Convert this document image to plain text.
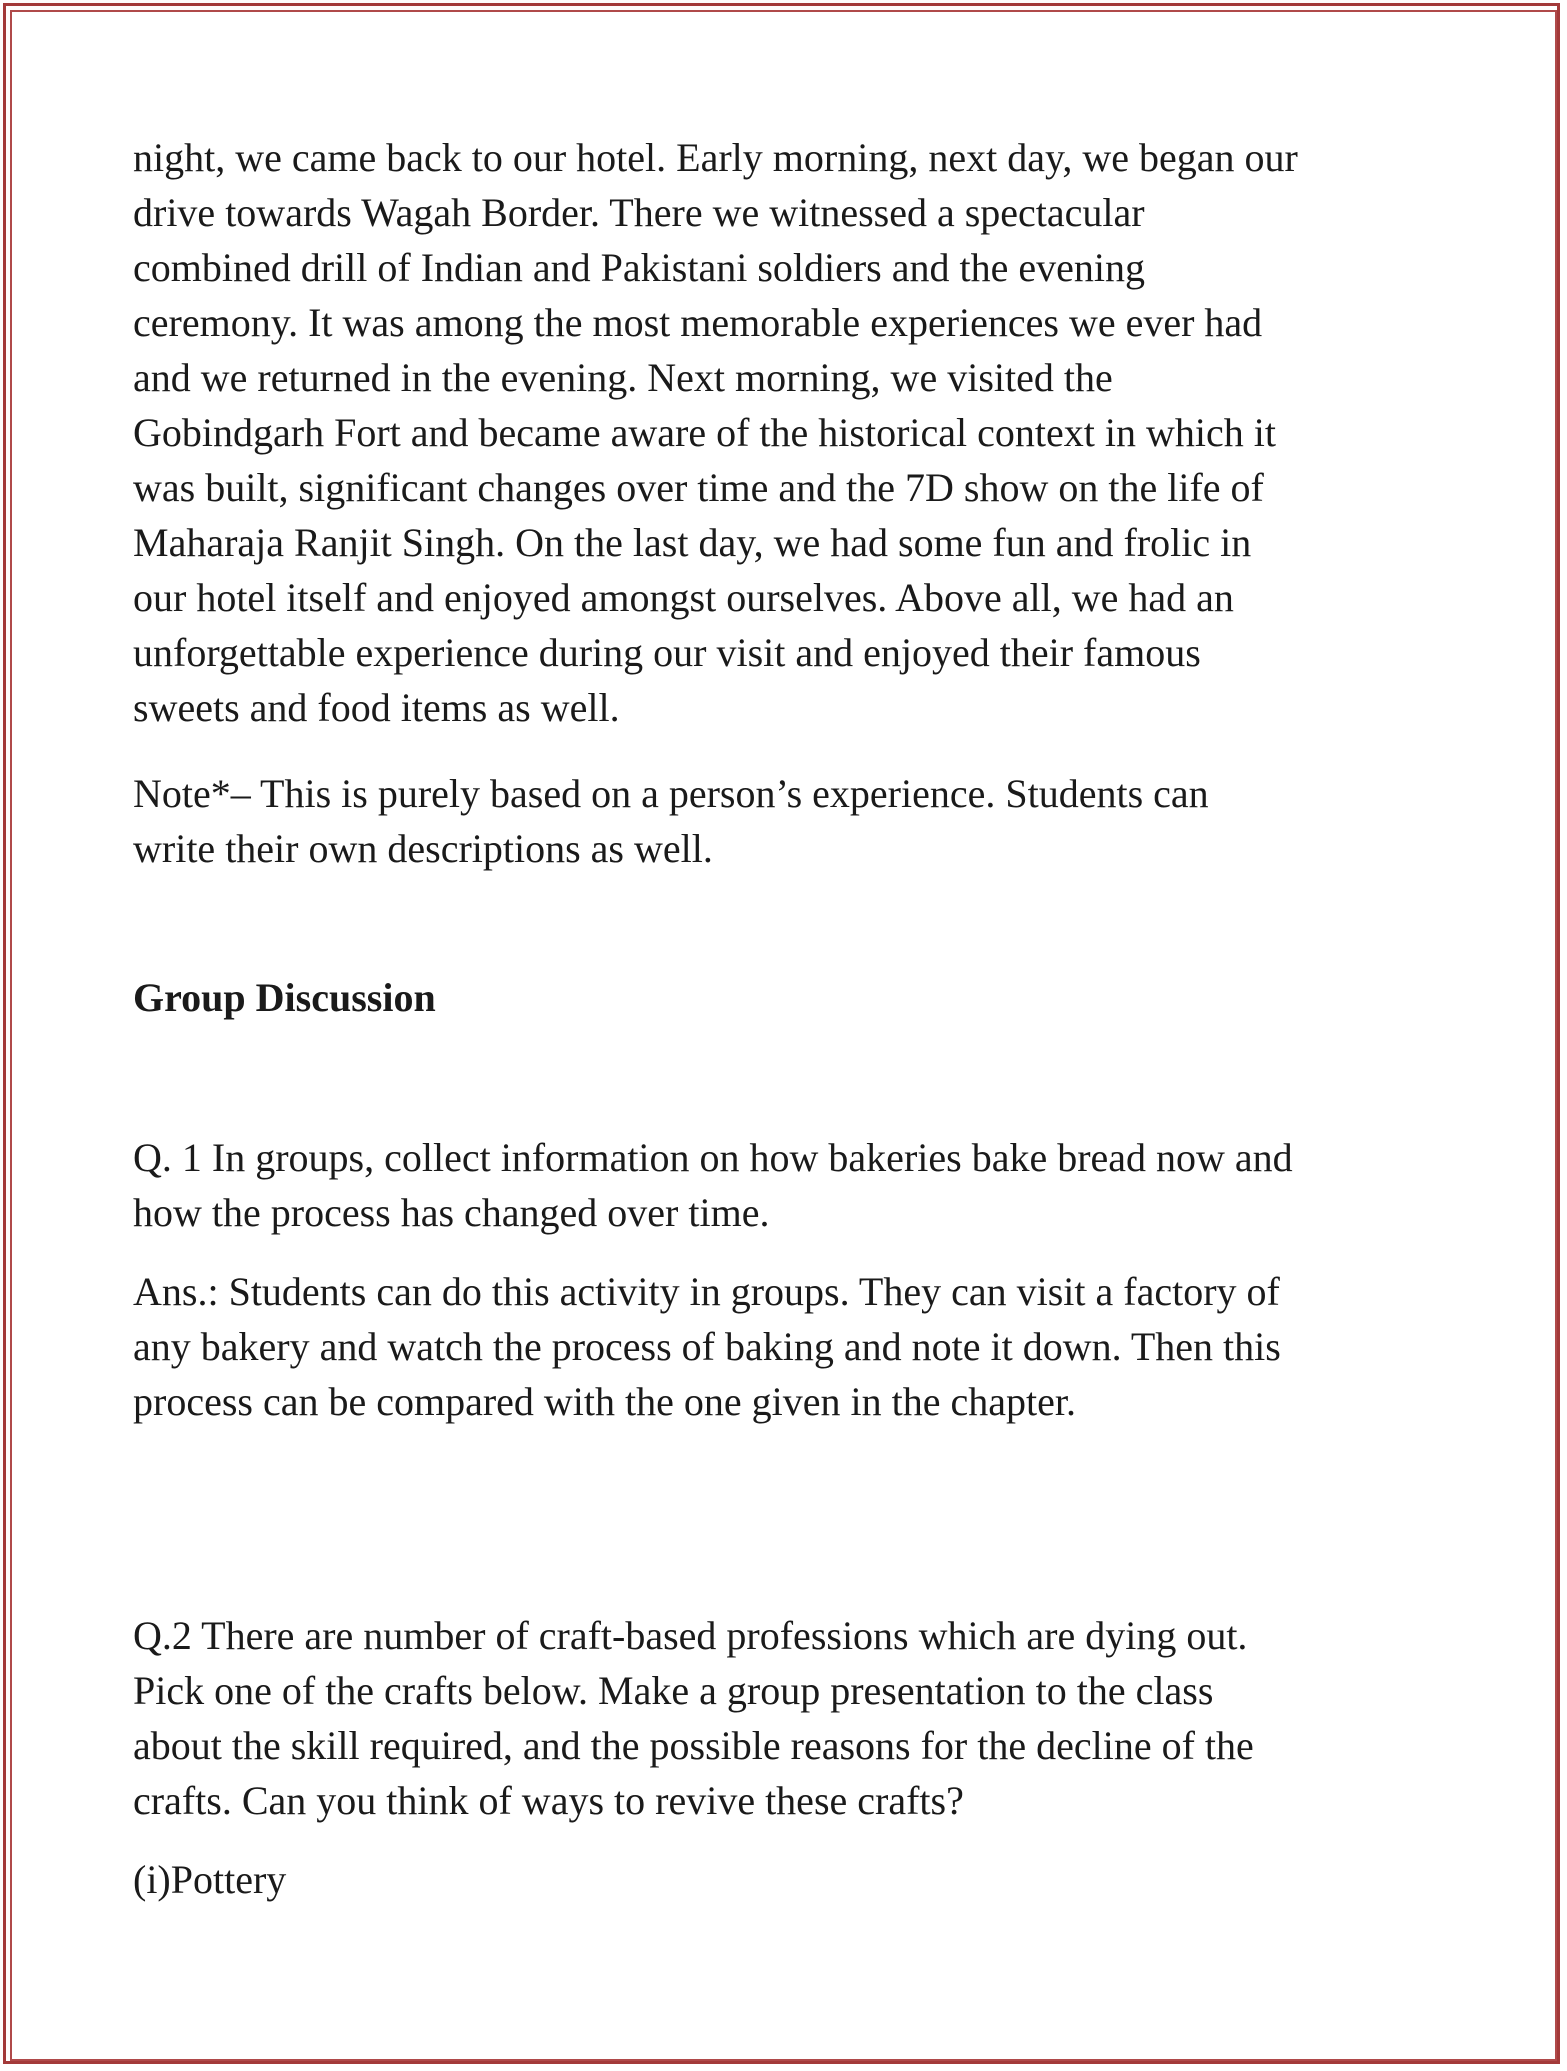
night, we came back to our hotel. Early morning, next day, we began our
drive towards Wagah Border. There we witnessed a spectacular
combined drill of Indian and Pakistani soldiers and the evening
ceremony. It was among the most memorable experiences we ever had
and we returned in the evening. Next morning, we visited the
Gobindgarh Fort and became aware of the historical context in which it
was built, significant changes over time and the 7D show on the life of
Maharaja Ranjit Singh. On the last day, we had some fun and frolic in
our hotel itself and enjoyed amongst ourselves. Above all, we had an
unforgettable experience during our visit and enjoyed their famous
sweets and food items as well.
Note*– This is purely based on a person’s experience. Students can
write their own descriptions as well.
Group Discussion
Q. 1 In groups, collect information on how bakeries bake bread now and
how the process has changed over time.
Ans.: Students can do this activity in groups. They can visit a factory of
any bakery and watch the process of baking and note it down. Then this
process can be compared with the one given in the chapter.
Q.2 There are number of craft-based professions which are dying out.
Pick one of the crafts below. Make a group presentation to the class
about the skill required, and the possible reasons for the decline of the
crafts. Can you think of ways to revive these crafts?
(i)Pottery
